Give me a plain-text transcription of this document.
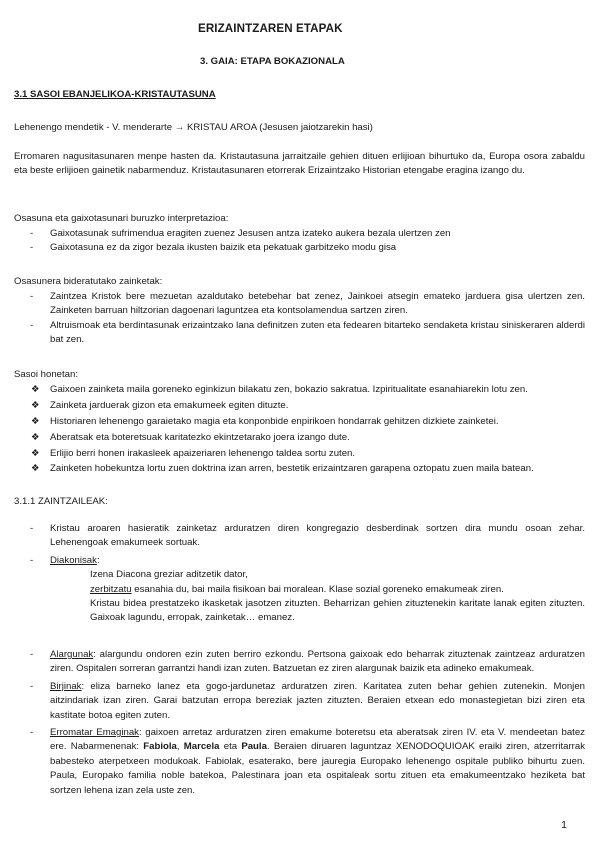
ERIZAINTZAREN ETAPAK
3. GAIA: ETAPA BOKAZIONALA
3.1 SASOI EBANJELIKOA-KRISTAUTASUNA
Lehenengo mendetik - V. menderarte → KRISTAU AROA (Jesusen jaiotzarekin hasi)
Erromaren nagusitasunaren menpe hasten da. Kristautasuna jarraitzaile gehien dituen erlijioan bihurtuko da, Europa osora zabaldu eta beste erlijioen gainetik nabarmenduz. Kristautasunaren etorrerak Erizaintzako Historian etengabe eragina izango du.
Osasuna eta gaixotasunari buruzko interpretazioa:
- Gaixotasunak sufrimendua eragiten zuenez Jesusen antza izateko aukera bezala ulertzen zen
- Gaixotasuna ez da zigor bezala ikusten baizik eta pekatuak garbitzeko modu gisa
Osasunera bideratutako zainketak:
- Zaintzea Kristok bere mezuetan azaldutako betebehar bat zenez, Jainkoei atsegin emateko jarduera gisa ulertzen zen. Zainketen barruan hiltzorian dagoenari laguntzea eta kontsolamendua sartzen ziren.
- Altruismoak eta berdintasunak erizaintzako lana definitzen zuten eta fedearen bitarteko sendaketa kristau siniskeraren alderdi bat zen.
Sasoi honetan:
❖ Gaixoen zainketa maila goreneko eginkizun bilakatu zen, bokazio sakratua. Izpiritualitate esanahiarekin lotu zen.
❖ Zainketa jarduerak gizon eta emakumeek egiten dituzte.
❖ Historiaren lehenengo garaietako magia eta konponbide enpirikoen hondarrak gehitzen dizkiete zainketei.
❖ Aberatsak eta boteretsuak karitatezko ekintzetarako joera izango dute.
❖ Erlijio berri honen irakasleek apaizeriaren lehenengo taldea sortu zuten.
❖ Zainketen hobekuntza lortu zuen doktrina izan arren, bestetik erizaintzaren garapena oztopatu zuen maila batean.
3.1.1 ZAINTZAILEAK:
- Kristau aroaren hasieratik zainketaz arduratzen diren kongregazio desberdinak sortzen dira mundu osoan zehar. Lehenengoak emakumeek sortuak.
- Diakonisak:
Izena Diacona greziar aditzetik dator,
zerbitzatu esanahia du, bai maila fisikoan bai moralean. Klase sozial goreneko emakumeak ziren.
Kristau bidea prestatzeko ikasketak jasotzen zituzten. Beharrizan gehien zituztenekin karitate lanak egiten zituzten. Gaixoak lagundu, erropak, zainketak… emanez.
- Alargunak: alargundu ondoren ezin zuten berriro ezkondu. Pertsona gaixoak edo beharrak zituztenak zaintzeaz arduratzen ziren. Ospitalen sorreran garrantzi handi izan zuten. Batzuetan ez ziren alargunak baizik eta adineko emakumeak.
- Birjinak: eliza barneko lanez eta gogo-jardunetaz arduratzen ziren. Karitatea zuten behar gehien zutenekin. Monjen aitzindariak izan ziren. Garai batzutan erropa bereziak jazten zituzten. Beraien etxean edo monastegietan bizi ziren eta kastitate botoa egiten zuten.
- Erromatar Emaginak: gaixoen arretaz arduratzen ziren emakume boteretsu eta aberatsak ziren IV. eta V. mendeetan batez ere. Nabarmenenak: Fabiola, Marcela eta Paula. Beraien diruaren laguntzaz XENODOQUIOAK eraiki ziren, atzerritarrak babesteko aterpetxeen modukoak. Fabiolak, esaterako, bere jauregia Europako lehenengo ospitale publiko bihurtu zuen. Paula, Europako familia noble batekoa, Palestinara joan eta ospitaleak sortu zituen eta emakumeentzako heziketa bat sortzen lehena izan zela uste zen.
1
